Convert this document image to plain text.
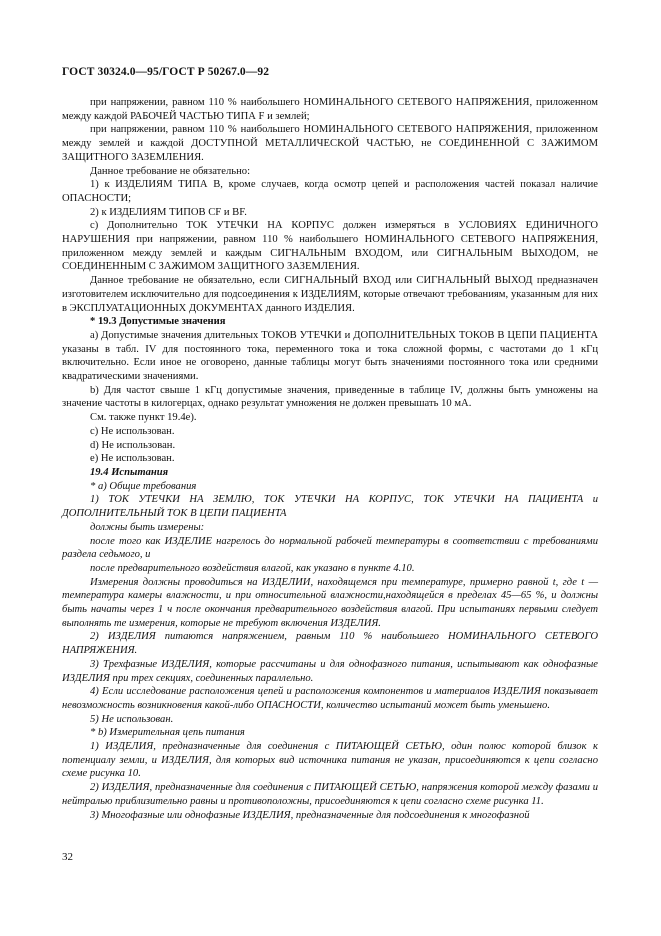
ГОСТ 30324.0—95/ГОСТ Р 50267.0—92

при напряжении, равном 110 % наибольшего НОМИНАЛЬНОГО СЕТЕВОГО НАПРЯЖЕНИЯ, приложенном между каждой РАБОЧЕЙ ЧАСТЬЮ ТИПА F и землей;

при напряжении, равном 110 % наибольшего НОМИНАЛЬНОГО СЕТЕВОГО НАПРЯЖЕНИЯ, приложенном между землей и каждой ДОСТУПНОЙ МЕТАЛЛИЧЕСКОЙ ЧАСТЬЮ, не СОЕДИНЕННОЙ С ЗАЖИМОМ ЗАЩИТНОГО ЗАЗЕМЛЕНИЯ.

Данное требование не обязательно:

1) к ИЗДЕЛИЯМ ТИПА В, кроме случаев, когда осмотр цепей и расположения частей показал наличие ОПАСНОСТИ;

2) к ИЗДЕЛИЯМ ТИПОВ CF и BF.

с) Дополнительно ТОК УТЕЧКИ НА КОРПУС должен измеряться в УСЛОВИЯХ ЕДИНИЧНОГО НАРУШЕНИЯ при напряжении, равном 110 % наибольшего НОМИНАЛЬНОГО СЕТЕВОГО НАПРЯЖЕНИЯ, приложенном между землей и каждым СИГНАЛЬНЫМ ВХОДОМ, или СИГНАЛЬНЫМ ВЫХОДОМ, не СОЕДИНЕННЫМ С ЗАЖИМОМ ЗАЩИТНОГО ЗАЗЕМЛЕНИЯ.

Данное требование не обязательно, если СИГНАЛЬНЫЙ ВХОД или СИГНАЛЬНЫЙ ВЫХОД предназначен изготовителем исключительно для подсоединения к ИЗДЕЛИЯМ, которые отвечают требованиям, указанным для них в ЭКСПЛУАТАЦИОННЫХ ДОКУМЕНТАХ данного ИЗДЕЛИЯ.

* 19.3 Допустимые значения

а) Допустимые значения длительных ТОКОВ УТЕЧКИ и ДОПОЛНИТЕЛЬНЫХ ТОКОВ В ЦЕПИ ПАЦИЕНТА указаны в табл. IV для постоянного тока, переменного тока и тока сложной формы, с частотами до 1 кГц включительно. Если иное не оговорено, данные таблицы могут быть значениями постоянного тока или средними квадратическими значениями.

b) Для частот свыше 1 кГц допустимые значения, приведенные в таблице IV, должны быть умножены на значение частоты в килогерцах, однако результат умножения не должен превышать 10 мА.

См. также пункт 19.4е).

с) Не использован.

d) Не использован.

е) Не использован.

19.4 Испытания

* а) Общие требования

1) ТОК УТЕЧКИ НА ЗЕМЛЮ, ТОК УТЕЧКИ НА КОРПУС, ТОК УТЕЧКИ НА ПАЦИЕНТА и ДОПОЛНИТЕЛЬНЫЙ ТОК В ЦЕПИ ПАЦИЕНТА

должны быть измерены:

после того как ИЗДЕЛИЕ нагрелось до нормальной рабочей температуры в соответствии с требованиями раздела седьмого, и

после предварительного воздействия влагой, как указано в пункте 4.10.

Измерения должны проводиться на ИЗДЕЛИИ, находящемся при температуре, примерно равной t, где t — температура камеры влажности, и при относительной влажности,находящейся в пределах 45—65 %, и должны быть начаты через 1 ч после окончания предварительного воздействия влагой. При испытаниях первыми следует выполнять те измерения, которые не требуют включения ИЗДЕЛИЯ.

2) ИЗДЕЛИЯ питаются напряжением, равным 110 % наибольшего НОМИНАЛЬНОГО СЕТЕВОГО НАПРЯЖЕНИЯ.

3) Трехфазные ИЗДЕЛИЯ, которые рассчитаны и для однофазного питания, испытывают как однофазные ИЗДЕЛИЯ при трех секциях, соединенных параллельно.

4) Если исследование расположения цепей и расположения компонентов и материалов ИЗДЕЛИЯ показывает невозможность возникновения какой-либо ОПАСНОСТИ, количество испытаний может быть уменьшено.

5) Не использован.

* b) Измерительная цепь питания

1) ИЗДЕЛИЯ, предназначенные для соединения с ПИТАЮЩЕЙ СЕТЬЮ, один полюс которой близок к потенциалу земли, и ИЗДЕЛИЯ, для которых вид источника питания не указан, присоединяются к цепи согласно схеме рисунка 10.

2) ИЗДЕЛИЯ, предназначенные для соединения с ПИТАЮЩЕЙ СЕТЬЮ, напряжения которой между фазами и нейтралью приблизительно равны и противоположны, присоединяются к цепи согласно схеме рисунка 11.

3) Многофазные или однофазные ИЗДЕЛИЯ, предназначенные для подсоединения к многофазной

32
